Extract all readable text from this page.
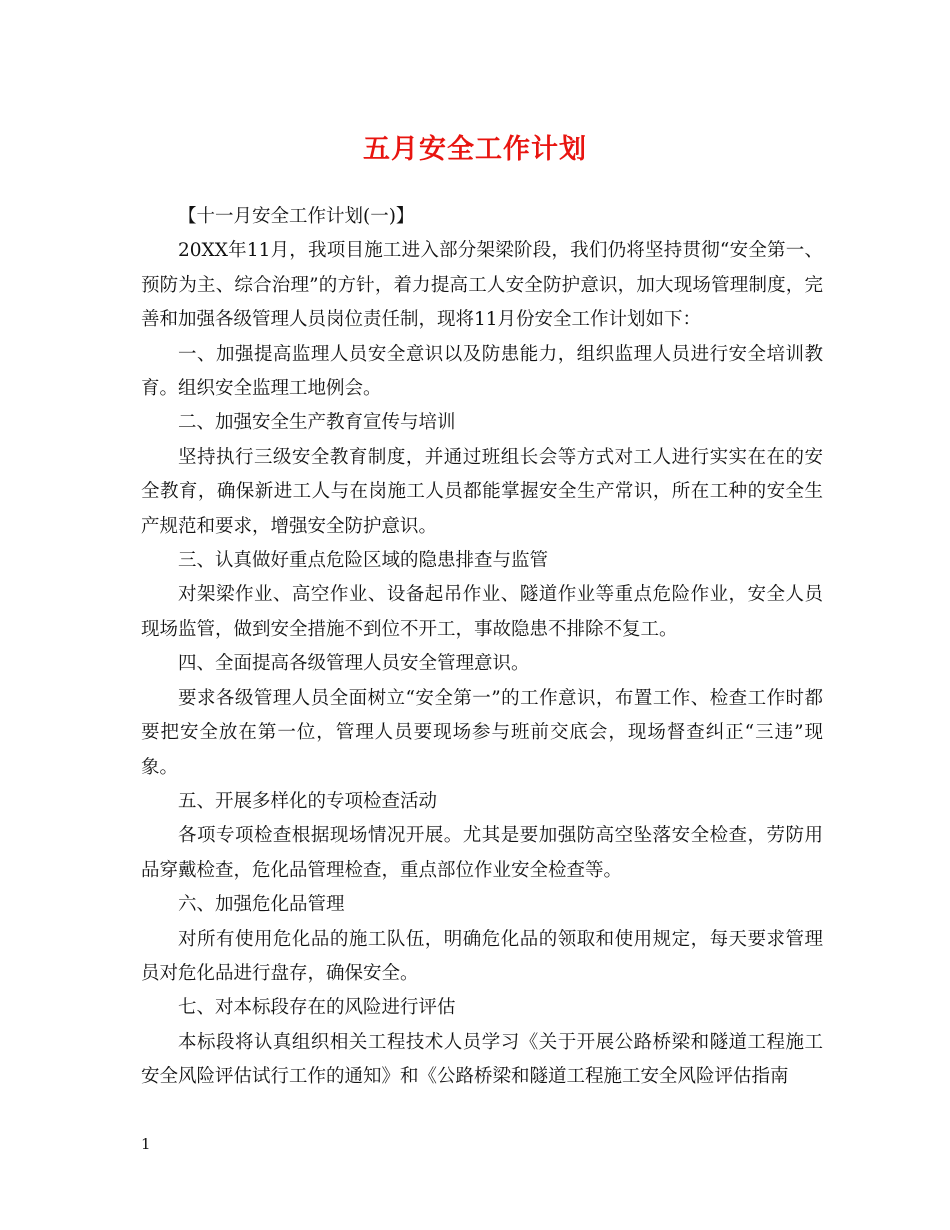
五月安全工作计划

【十一月安全工作计划(一)】

20XX年11月，我项目施工进入部分架梁阶段，我们仍将坚持贯彻“安全第一、预防为主、综合治理”的方针，着力提高工人安全防护意识，加大现场管理制度，完善和加强各级管理人员岗位责任制，现将11月份安全工作计划如下：

一、加强提高监理人员安全意识以及防患能力，组织监理人员进行安全培训教育。组织安全监理工地例会。

二、加强安全生产教育宣传与培训

坚持执行三级安全教育制度，并通过班组长会等方式对工人进行实实在在的安全教育，确保新进工人与在岗施工人员都能掌握安全生产常识，所在工种的安全生产规范和要求，增强安全防护意识。

三、认真做好重点危险区域的隐患排查与监管

对架梁作业、高空作业、设备起吊作业、隧道作业等重点危险作业，安全人员现场监管，做到安全措施不到位不开工，事故隐患不排除不复工。

四、全面提高各级管理人员安全管理意识。

要求各级管理人员全面树立“安全第一”的工作意识，布置工作、检查工作时都要把安全放在第一位，管理人员要现场参与班前交底会，现场督查纠正“三违”现象。

五、开展多样化的专项检查活动

各项专项检查根据现场情况开展。尤其是要加强防高空坠落安全检查，劳防用品穿戴检查，危化品管理检查，重点部位作业安全检查等。

六、加强危化品管理

对所有使用危化品的施工队伍，明确危化品的领取和使用规定，每天要求管理员对危化品进行盘存，确保安全。

七、对本标段存在的风险进行评估

本标段将认真组织相关工程技术人员学习《关于开展公路桥梁和隧道工程施工安全风险评估试行工作的通知》和《公路桥梁和隧道工程施工安全风险评估指南

1
